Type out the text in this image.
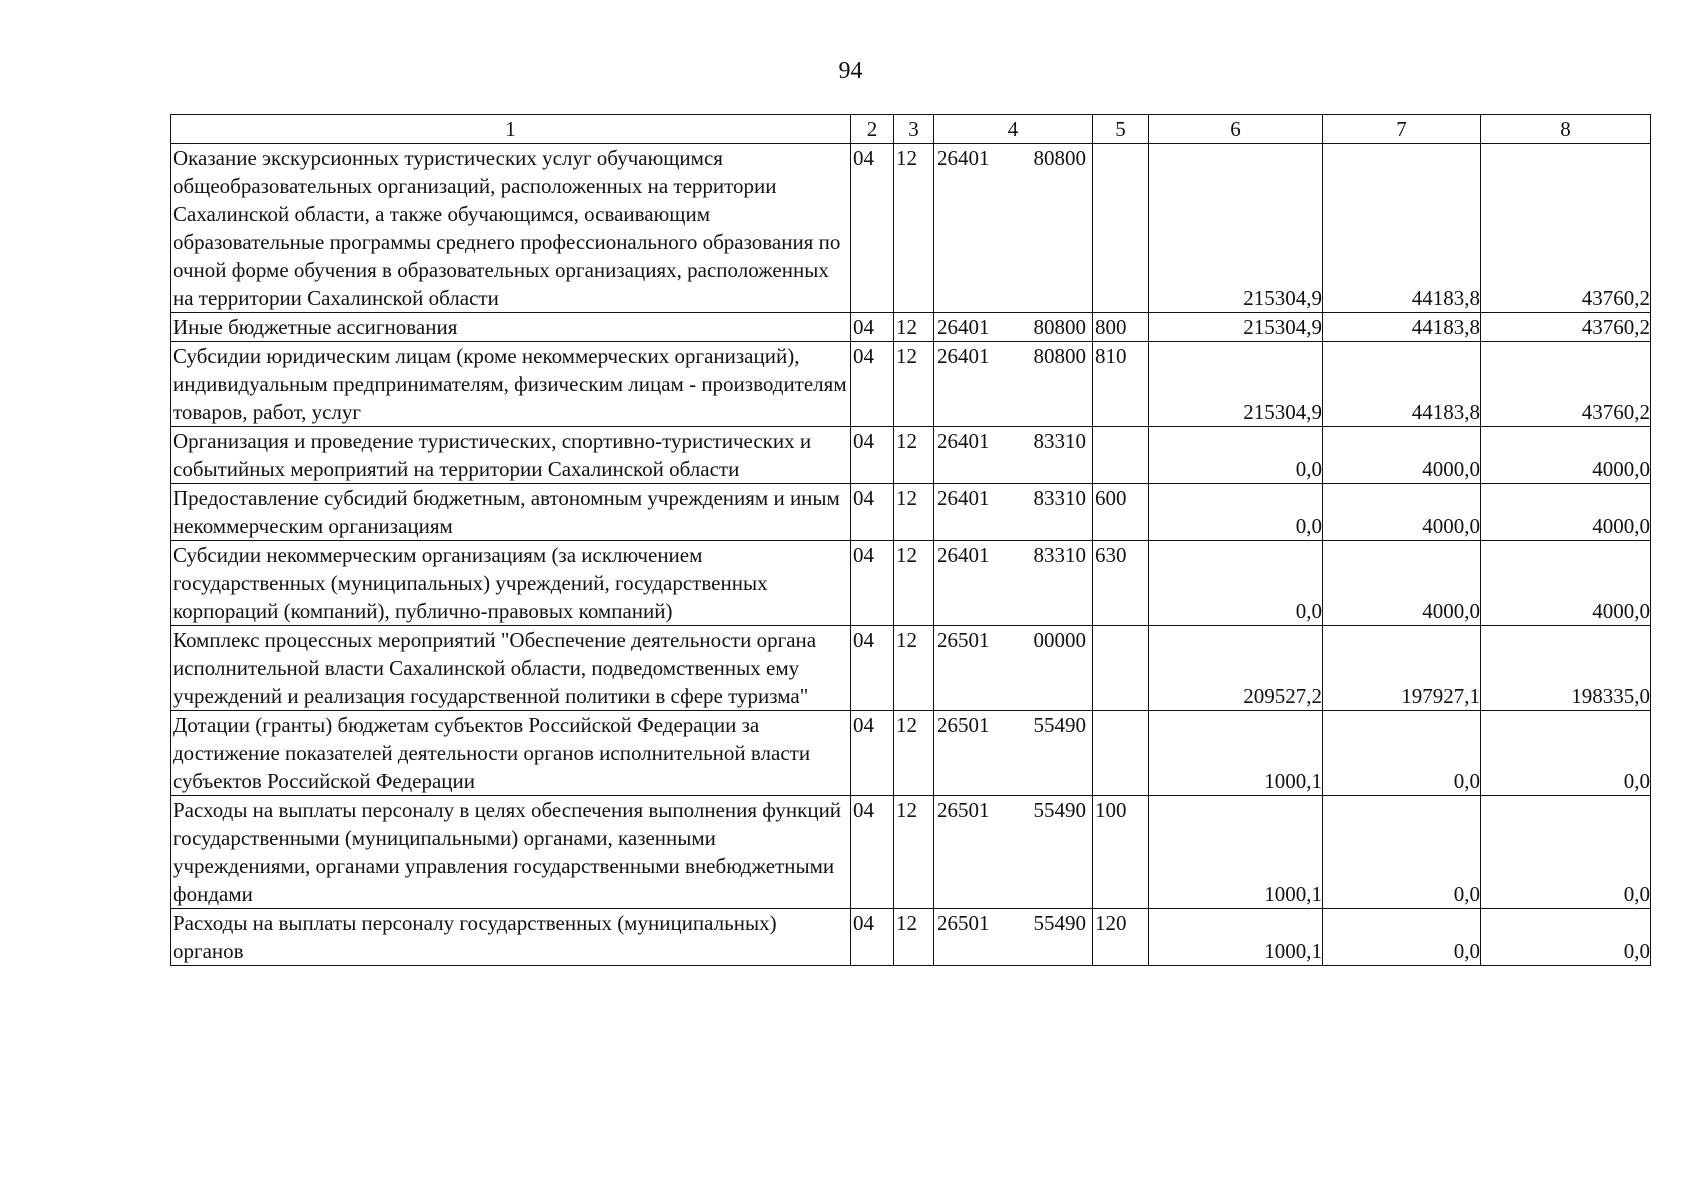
94
1	2	3	4	5	6	7	8
Оказание экскурсионных туристических услуг обучающимся общеобразовательных организаций, расположенных на территории Сахалинской области, а также обучающимся, осваивающим образовательные программы среднего профессионального образования по очной форме обучения в образовательных организациях, расположенных на территории Сахалинской области	04	12	26401 80800		215304,9	44183,8	43760,2
Иные бюджетные ассигнования	04	12	26401 80800	800	215304,9	44183,8	43760,2
Субсидии юридическим лицам (кроме некоммерческих организаций), индивидуальным предпринимателям, физическим лицам - производителям товаров, работ, услуг	04	12	26401 80800	810	215304,9	44183,8	43760,2
Организация и проведение туристических, спортивно-туристических и событийных мероприятий на территории Сахалинской области	04	12	26401 83310		0,0	4000,0	4000,0
Предоставление субсидий бюджетным, автономным учреждениям и иным некоммерческим организациям	04	12	26401 83310	600	0,0	4000,0	4000,0
Субсидии некоммерческим организациям (за исключением государственных (муниципальных) учреждений, государственных корпораций (компаний), публично-правовых компаний)	04	12	26401 83310	630	0,0	4000,0	4000,0
Комплекс процессных мероприятий "Обеспечение деятельности органа исполнительной власти Сахалинской области, подведомственных ему учреждений и реализация государственной политики в сфере туризма"	04	12	26501 00000		209527,2	197927,1	198335,0
Дотации (гранты) бюджетам субъектов Российской Федерации за достижение показателей деятельности органов исполнительной власти субъектов Российской Федерации	04	12	26501 55490		1000,1	0,0	0,0
Расходы на выплаты персоналу в целях обеспечения выполнения функций государственными (муниципальными) органами, казенными учреждениями, органами управления государственными внебюджетными фондами	04	12	26501 55490	100	1000,1	0,0	0,0
Расходы на выплаты персоналу государственных (муниципальных) органов	04	12	26501 55490	120	1000,1	0,0	0,0
